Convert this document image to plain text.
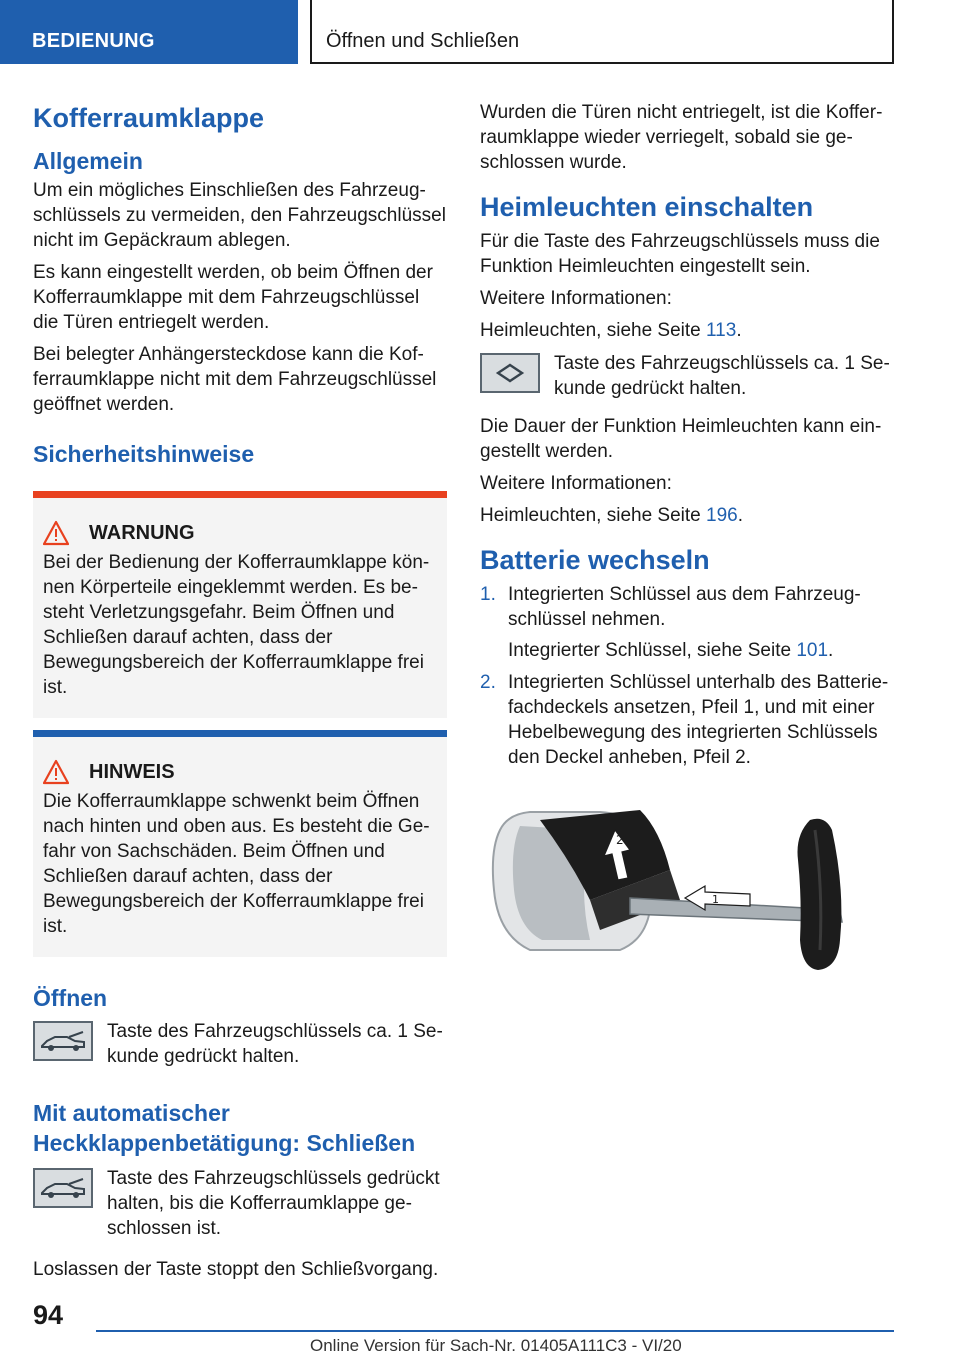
BEDIENUNG	Öffnen und Schließen
Kofferraumklappe
Allgemein

Um ein mögliches Einschließen des Fahrzeugschlüssels zu vermeiden, den Fahrzeugschlüssel nicht im Gepäckraum ablegen.

Es kann eingestellt werden, ob beim Öffnen der Kofferraumklappe mit dem Fahrzeugschlüssel die Türen entriegelt werden.

Bei belegter Anhängersteckdose kann die Kofferraumklappe nicht mit dem Fahrzeugschlüssel geöffnet werden.

Sicherheitshinweise
WARNUNG
Bei der Bedienung der Kofferraumklappe können Körperteile eingeklemmt werden. Es besteht Verletzungsgefahr. Beim Öffnen und Schließen darauf achten, dass der Bewegungsbereich der Kofferraumklappe frei ist.
HINWEIS
Die Kofferraumklappe schwenkt beim Öffnen nach hinten und oben aus. Es besteht die Gefahr von Sachschäden. Beim Öffnen und Schließen darauf achten, dass der Bewegungsbereich der Kofferraumklappe frei ist.
Öffnen

Taste des Fahrzeugschlüssels ca. 1 Sekunde gedrückt halten.

Mit automatischer Heckklappenbetätigung: Schließen

Taste des Fahrzeugschlüssels gedrückt halten, bis die Kofferraumklappe geschlossen ist.

Loslassen der Taste stoppt den Schließvorgang.

Wurden die Türen nicht entriegelt, ist die Kofferraumklappe wieder verriegelt, sobald sie geschlossen wurde.

Heimleuchten einschalten

Für die Taste des Fahrzeugschlüssels muss die Funktion Heimleuchten eingestellt sein.

Weitere Informationen:

Heimleuchten, siehe Seite 113.

Taste des Fahrzeugschlüssels ca. 1 Sekunde gedrückt halten.

Die Dauer der Funktion Heimleuchten kann eingestellt werden.

Weitere Informationen:

Heimleuchten, siehe Seite 196.

Batterie wechseln
1. Integrierten Schlüssel aus dem Fahrzeugschlüssel nehmen.
Integrierter Schlüssel, siehe Seite 101.
2. Integrierten Schlüssel unterhalb des Batteriefachdeckels ansetzen, Pfeil 1, und mit einer Hebelbewegung des integrierten Schlüssels den Deckel anheben, Pfeil 2.
2
1
94
Online Version für Sach-Nr. 01405A111C3 - VI/20
